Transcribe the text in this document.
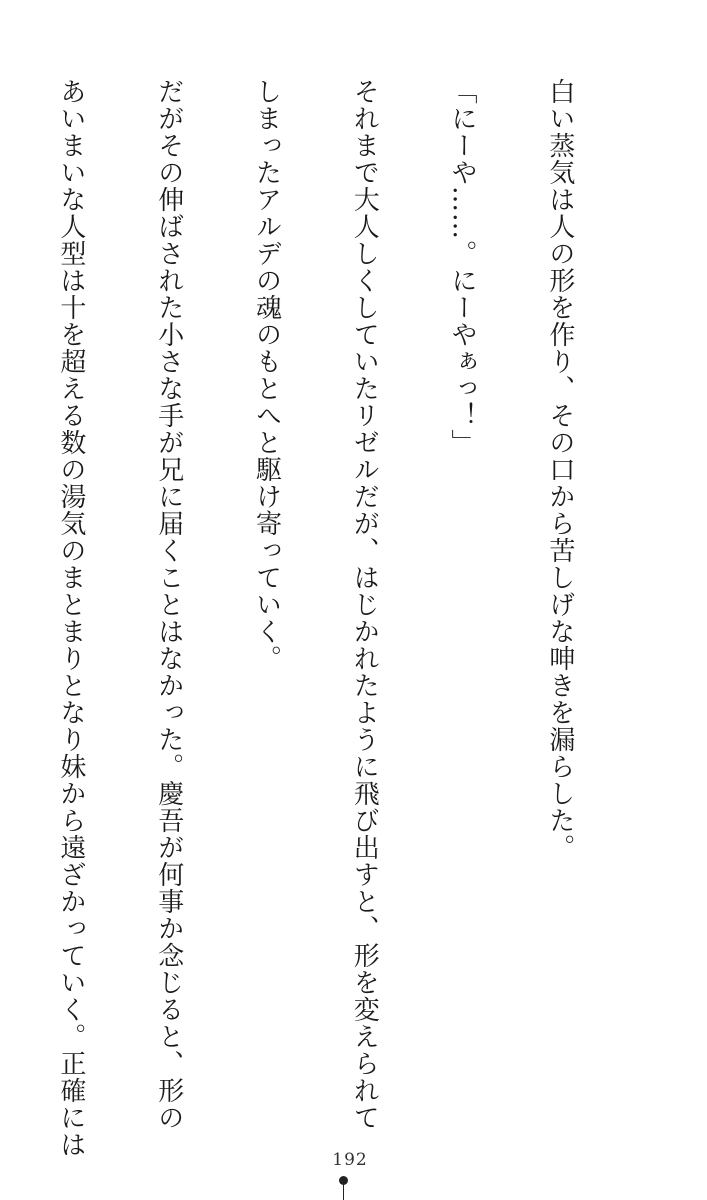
白い蒸気は人の形を作り、その口から苦しげな呻きを漏らした。

「にーや……。にーやぁっ！」

それまで大人しくしていたリゼルだが、はじかれたように飛び出すと、形を変えられて

しまったアルデの魂のもとへと駆け寄っていく。

だがその伸ばされた小さな手が兄に届くことはなかった。慶吾が何事か念じると、形の

あいまいな人型は十を超える数の湯気のまとまりとなり妹から遠ざかっていく。正確には

192
